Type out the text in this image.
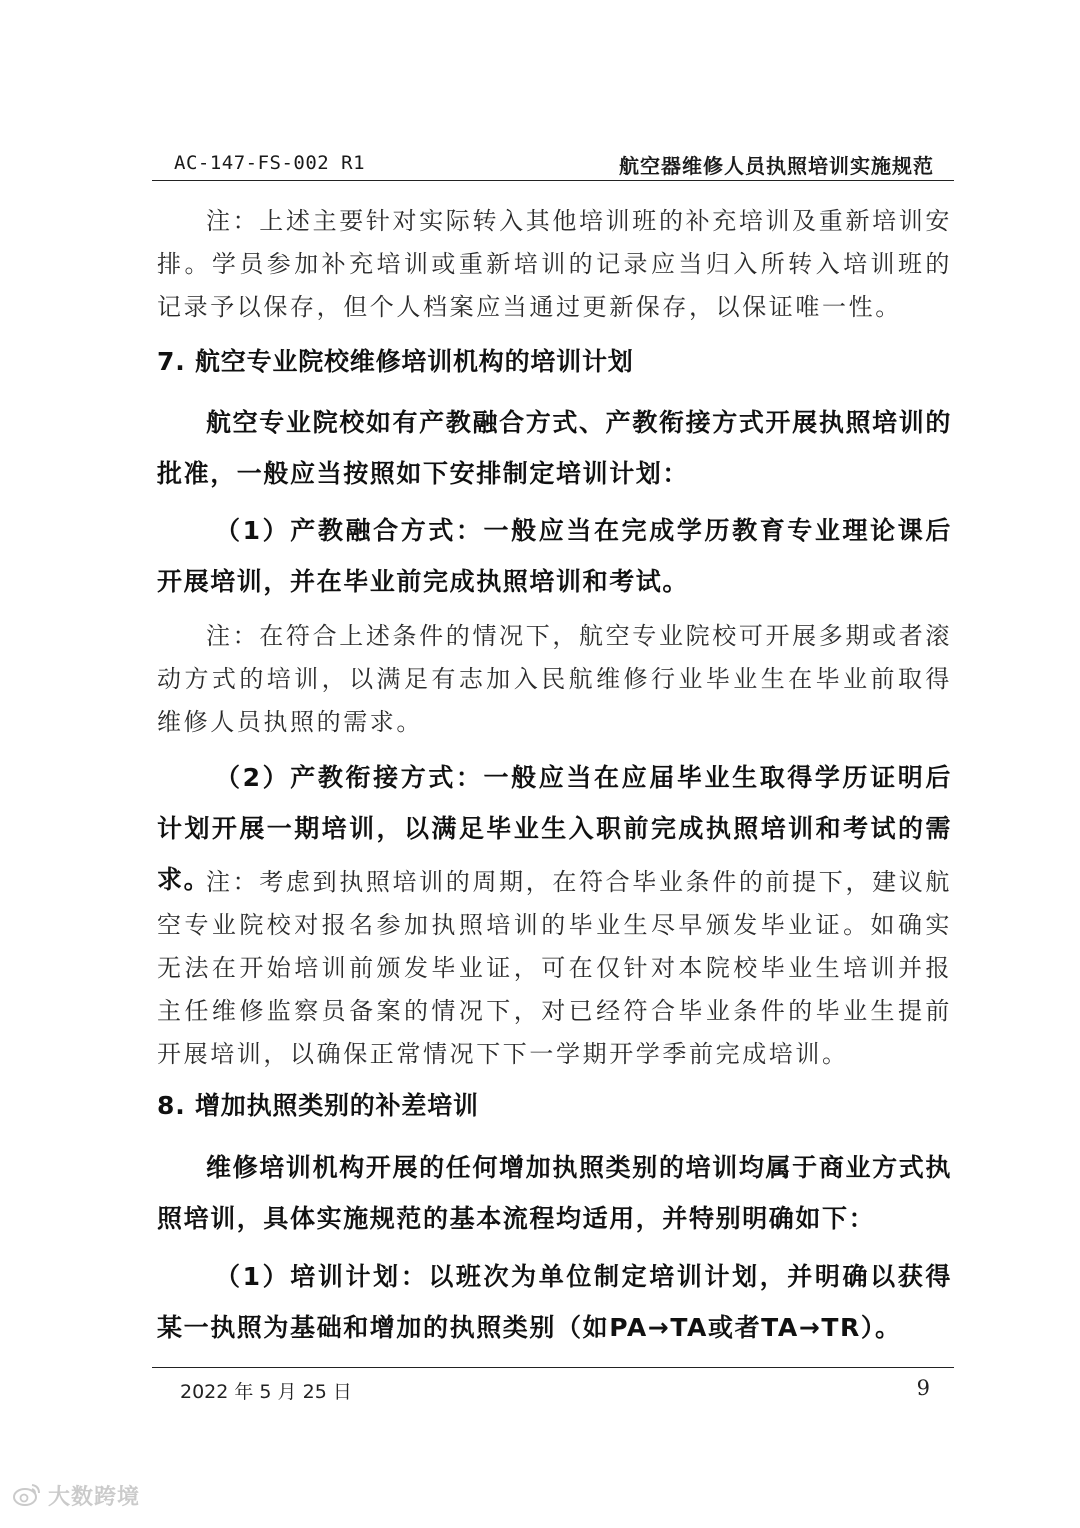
AC-147-FS-002 R1	航空器维修人员执照培训实施规范

注：上述主要针对实际转入其他培训班的补充培训及重新培训安排。学员参加补充培训或重新培训的记录应当归入所转入培训班的记录予以保存，但个人档案应当通过更新保存，以保证唯一性。

7. 航空专业院校维修培训机构的培训计划

航空专业院校如有产教融合方式、产教衔接方式开展执照培训的批准，一般应当按照如下安排制定培训计划：

（1）产教融合方式：一般应当在完成学历教育专业理论课后开展培训，并在毕业前完成执照培训和考试。

注：在符合上述条件的情况下，航空专业院校可开展多期或者滚动方式的培训，以满足有志加入民航维修行业毕业生在毕业前取得维修人员执照的需求。

（2）产教衔接方式：一般应当在应届毕业生取得学历证明后计划开展一期培训，以满足毕业生入职前完成执照培训和考试的需求。

注：考虑到执照培训的周期，在符合毕业条件的前提下，建议航空专业院校对报名参加执照培训的毕业生尽早颁发毕业证。如确实无法在开始培训前颁发毕业证，可在仅针对本院校毕业生培训并报主任维修监察员备案的情况下，对已经符合毕业条件的毕业生提前开展培训，以确保正常情况下下一学期开学季前完成培训。

8. 增加执照类别的补差培训

维修培训机构开展的任何增加执照类别的培训均属于商业方式执照培训，具体实施规范的基本流程均适用，并特别明确如下：

（1）培训计划：以班次为单位制定培训计划，并明确以获得某一执照为基础和增加的执照类别（如PA→TA或者TA→TR）。

2022 年 5 月 25 日	9
大数跨境
